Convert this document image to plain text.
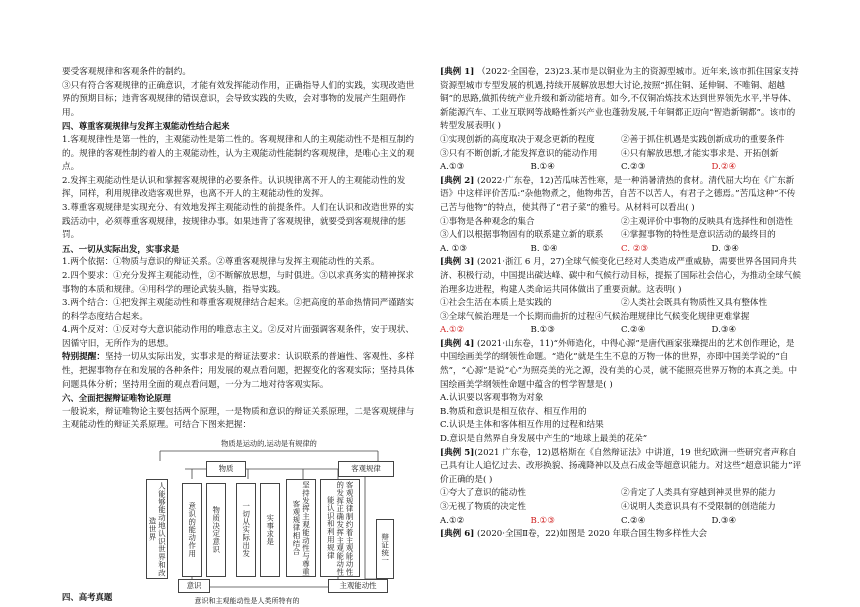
要受客观规律和客观条件的制约。

③只有符合客观规律的正确意识，才能有效发挥能动作用，正确指导人们的实践，实现改造世界的预期目标；违背客观规律的错误意识，会导致实践的失败，会对事物的发展产生阻碍作用。

四、尊重客观规律与发挥主观能动性结合起来

1.客观规律性是第一性的，主观能动性是第二性的。客观规律和人的主观能动性不是相互制约的。规律的客观性制约着人的主观能动性，认为主观能动性能制约客观规律，是唯心主义的观点。

2.发挥主观能动性是认识和掌握客观规律的必要条件。认识规律离不开人的主观能动性的发挥，同样，利用规律改造客观世界，也离不开人的主观能动性的发挥。

3.尊重客观规律是实现充分、有效地发挥主观能动性的前提条件。人们在认识和改造世界的实践活动中，必须尊重客观规律，按规律办事。如果违背了客观规律，就要受到客观规律的惩罚。

五、一切从实际出发，实事求是

1.两个依据：①物质与意识的辩证关系。②尊重客观规律与发挥主观能动性的关系。

2.四个要求：①充分发挥主观能动性，②不断解放思想，与时俱进。③以求真务实的精神探求事物的本质和规律。④用科学的理论武装头脑，指导实践。

3.两个结合：①把发挥主观能动性和尊重客观规律结合起来。②把高度的革命热情同严谨踏实的科学态度结合起来。

4.两个反对：①反对夸大意识能动作用的唯意志主义。②反对片面强调客观条件，安于现状、因循守旧，无所作为的思想。

特别提醒：坚持一切从实际出发，实事求是的辩证法要求：认识联系的普遍性、客观性、多样性，把握事物存在和发展的各种条件；用发展的观点看问题，把握变化的客观实际；坚持具体问题具体分析；坚持用全面的观点看问题，一分为二地对待客观实际。

六、全面把握辩证唯物论原理

一般说来，辩证唯物论主要包括两个原理，一是物质和意识的辩证关系原理，二是客观规律与主观能动性的辩证关系原理。可结合下图来把握：

物质是运动的,运动是有规律的
物质	客观规律
人能够能动地认识世界和改造世界	意识的能动作用	物质决定意识	一切从实际出发	实事求是	坚持发挥主观能动性与尊重客观规律相结合	客观规律制约着主观能动性的发挥正确发挥主观能动性能认识和利用规律	辩证统一
意识	主观能动性
意识和主观能动性是人类所特有的

四、高考真题

[典例 1] （2022·全国卷，23)23.某市是以铜业为主的资源型城市。近年来,该市抓住国家支持资源型城市专型发展的机遇,持续开展解放思想大讨论,按照“抓住铜、延伸铜、不唯铜、超越铜”的思路,做抓传统产业升级和新动能培育。如今,不仅铜冶炼技术达到世界领先水平,半导体、新能源汽车、工业互联网等战略性新兴产业也蓬勃发展,千年铜都正迈向“智造新铜都”。该市的转型发展表明( )

①实现创新的高度取决于观念更新的程度	②善于抓住机遇是实践创新成功的重要条件
③只有不断创新,才能发挥意识的能动作用	④只有解放思想,才能实事求是、开拓创新
A.①③	B.①④	C.②③	D.②④

[典例 2] (2022·广东卷，12)苦瓜味苦性寒，是一种消暑清热的食材。清代屈大均在《广东新语》中这样评价苦瓜:“杂他物煮之，他物弗苦，自苦不以苦人，有君子之德焉。”苦瓜这种“不传己苦与他物”的特点，使其得了“君子菜”的雅号。从材料可以看出( )

①事物是各种观念的集合	②主观评价中事物的反映具有选择性和创造性
③人们以根据事物固有的联系建立新的联系	④掌握事物的特性是意识活动的最终目的
A. ①③	B. ①④	C. ②③	D. ③④

[典例 3] (2021·浙江 6 月，27)全球气候变化已经对人类造成严重威胁，需要世界各国同舟共济、积极行动，中国提出碳达峰、碳中和气候行动目标，提振了国际社会信心，为推动全球气候治理多边进程，构建人类命运共同体做出了重要贡献。这表明( )

①社会生活在本质上是实践的	②人类社会既具有物质性又具有整体性

③全球气候治理是一个长期而曲折的过程④气候治理规律比气候变化规律更难掌握

A.①②	B.①③	C.②④	D.③④

[典例 4] (2021·山东卷，11)“外师造化，中得心源”是唐代画家张璪提出的艺术创作理论，是中国绘画美学的纲领性命题。“造化”就是生生不息的万物一体的世界，亦即中国美学说的“自然”，“心源”是说“心”为照亮美的光之源，没有美的心灵，就不能照亮世界万物的本真之美。中国绘画美学纲领性命题中蕴含的哲学智慧是( )

A.认识要以客观事物为对象

B.物质和意识是相互依存、相互作用的

C.认识是主体和客体相互作用的过程和结果

D.意识是自然界自身发展中产生的“地球上最美的花朵”

[典例 5](2021 广东卷，12)恩格斯在《自然辩证法》中讲道，19 世纪欧洲一些研究者声称自己具有让人追忆过去、改形换貌、扬魂降神以及点石成金等超意识能力。对这些“超意识能力”评价正确的是( )

①夸大了意识的能动性	②肯定了人类具有穿越到神灵世界的能力
③无视了物质的决定性	④说明人类意识具有不受限制的创造能力
A.①②	B.①③	C.②④	D.③④

[典例 6] (2020·全国Ⅱ卷，22)如图是 2020 年联合国生物多样性大会
